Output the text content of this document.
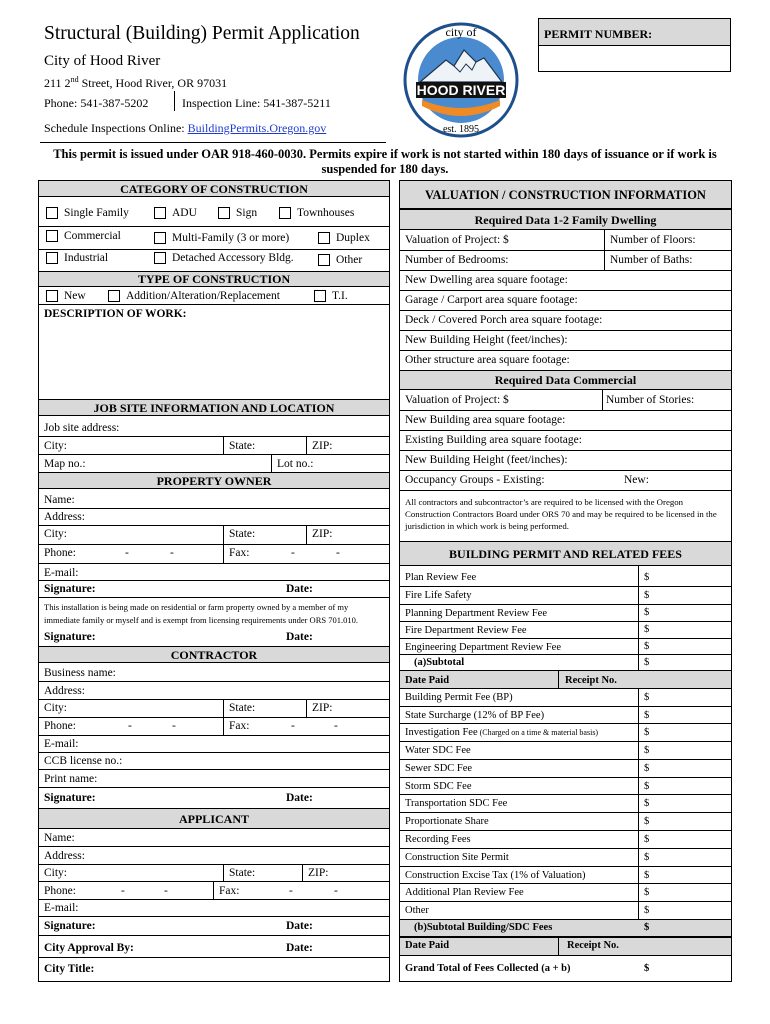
Structural (Building) Permit Application
City of Hood River
211 2nd Street, Hood River, OR 97031
Phone: 541-387-5202	Inspection Line: 541-387-5211
Schedule Inspections Online: BuildingPermits.Oregon.gov
HOOD RIVER
city of
est. 1895
PERMIT NUMBER:
This permit is issued under OAR 918-460-0030. Permits expire if work is not started within 180 days of issuance or if work is suspended for 180 days.
CATEGORY OF CONSTRUCTION
Single Family	ADU	Sign	Townhouses
Commercial	Multi-Family (3 or more)	Duplex
Industrial	Detached Accessory Bldg.	Other
TYPE OF CONSTRUCTION
New	Addition/Alteration/Replacement	T.I.
DESCRIPTION OF WORK:
JOB SITE INFORMATION AND LOCATION
Job site address:
City:	State:	ZIP:
Map no.:	Lot no.:
PROPERTY OWNER
Name:
Address:
City:	State:	ZIP:
Phone:	-	-	Fax:	-	-
E-mail:
Signature:	Date:
This installation is being made on residential or farm property owned by a member of my immediate family or myself and is exempt from licensing requirements under ORS 701.010.
Signature:	Date:
CONTRACTOR
Business name:
Address:
City:	State:	ZIP:
Phone:	-	-	Fax:	-	-
E-mail:
CCB license no.:
Print name:
Signature:	Date:
APPLICANT
Name:
Address:
City:	State:	ZIP:
Phone:	-	-	Fax:	-	-
E-mail:
Signature:	Date:
City Approval By:	Date:
City Title:
VALUATION / CONSTRUCTION INFORMATION
Required Data 1-2 Family Dwelling
Valuation of Project: $	Number of Floors:
Number of Bedrooms:	Number of Baths:
New Dwelling area square footage:
Garage / Carport area square footage:
Deck / Covered Porch area square footage:
New Building Height (feet/inches):
Other structure area square footage:
Required Data Commercial
Valuation of Project: $	Number of Stories:
New Building area square footage:
Existing Building area square footage:
New Building Height (feet/inches):
Occupancy Groups - Existing:	New:
All contractors and subcontractor’s are required to be licensed with the Oregon Construction Contractors Board under ORS 70 and may be required to be licensed in the jurisdiction in which work is being performed.
BUILDING PERMIT AND RELATED FEES
Plan Review Fee	$
Fire Life Safety	$
Planning Department Review Fee	$
Fire Department Review Fee	$
Engineering Department Review Fee	$
(a)Subtotal	$
Date Paid	Receipt No.
Building Permit Fee (BP)	$
State Surcharge (12% of BP Fee)	$
Investigation Fee (Charged on a time & material basis)	$
Water SDC Fee	$
Sewer SDC Fee	$
Storm SDC Fee	$
Transportation SDC Fee	$
Proportionate Share	$
Recording Fees	$
Construction Site Permit	$
Construction Excise Tax (1% of Valuation)	$
Additional Plan Review Fee	$
Other	$
(b)Subtotal Building/SDC Fees	$
Date Paid	Receipt No.
Grand Total of Fees Collected (a + b)	$
